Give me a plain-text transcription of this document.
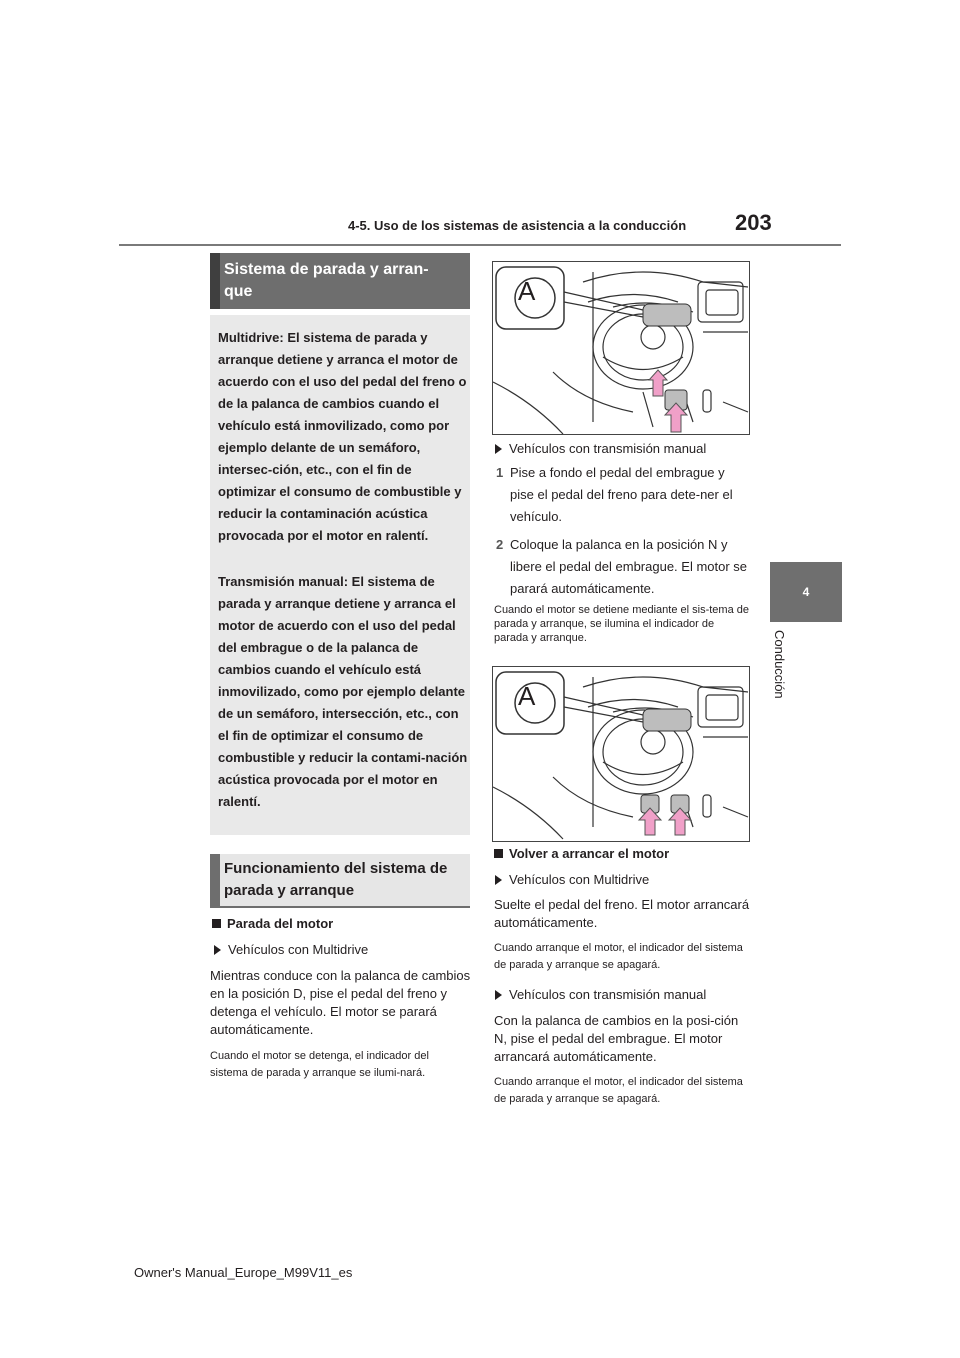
4-5. Uso de los sistemas de asistencia a la conducción 203
4
Conducción
Sistema de parada y arran-
que

Multidrive: El sistema de parada y arranque detiene y arranca el motor de acuerdo con el uso del pedal del freno o de la palanca de cambios cuando el vehículo está inmovilizado, como por ejemplo delante de un semáforo, intersec-ción, etc., con el fin de optimizar el consumo de combustible y reducir la contaminación acústica provocada por el motor en ralentí.

Transmisión manual: El sistema de parada y arranque detiene y arranca el motor de acuerdo con el uso del pedal del embrague o de la palanca de cambios cuando el vehículo está inmovilizado, como por ejemplo delante de un semáforo, intersección, etc., con el fin de optimizar el consumo de combustible y reducir la contami-nación acústica provocada por el motor en ralentí.

Funcionamiento del sistema de
parada y arranque
Parada del motor
Vehículos con Multidrive
Mientras conduce con la palanca de cambios en la posición D, pise el pedal del freno y detenga el vehículo. El motor se parará automáticamente.
Cuando el motor se detenga, el indicador del sistema de parada y arranque se ilumi-nará.
A
Vehículos con transmisión manual
1 Pise a fondo el pedal del embrague y pise el pedal del freno para dete-ner el vehículo.
2 Coloque la palanca en la posición N y libere el pedal del embrague. El motor se parará automáticamente.
Cuando el motor se detiene mediante el sis-tema de parada y arranque, se ilumina el indicador de parada y arranque.
A
Volver a arrancar el motor
Vehículos con Multidrive
Suelte el pedal del freno. El motor arrancará automáticamente.
Cuando arranque el motor, el indicador del sistema de parada y arranque se apagará.
Vehículos con transmisión manual
Con la palanca de cambios en la posi-ción N, pise el pedal del embrague. El motor arrancará automáticamente.
Cuando arranque el motor, el indicador del sistema de parada y arranque se apagará.
Owner's Manual_Europe_M99V11_es
